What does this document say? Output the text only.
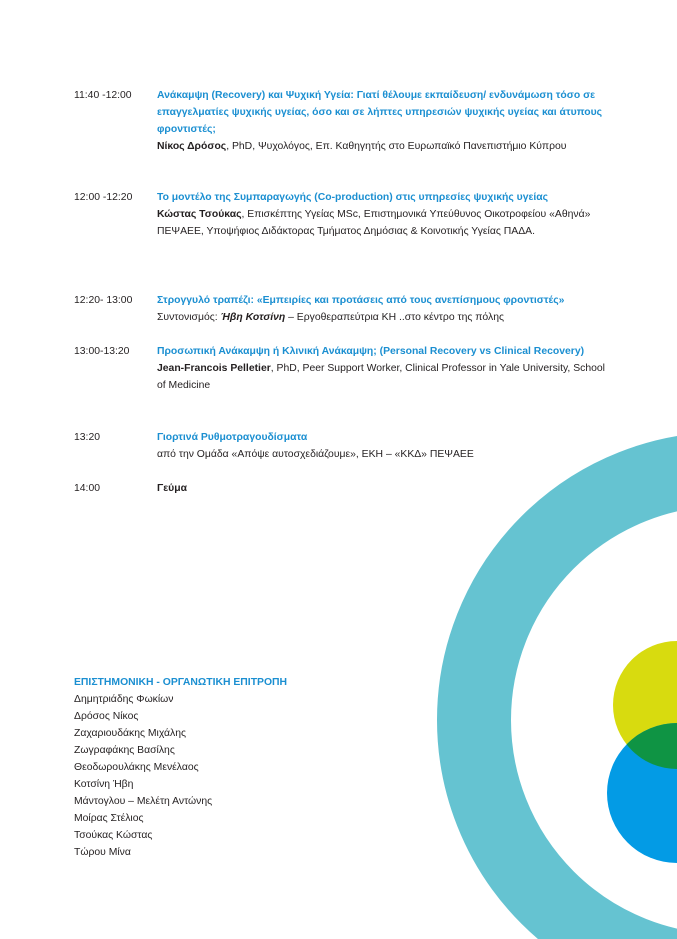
11:40 -12:00	Ανάκαμψη (Recovery) και Ψυχική Υγεία: Γιατί θέλουμε εκπαίδευση/ ενδυνάμωση τόσο σε επαγγελματίες ψυχικής υγείας, όσο και σε λήπτες υπηρεσιών ψυχικής υγείας και άτυπους φροντιστές;
Νίκος Δρόσος, PhD, Ψυχολόγος, Επ. Καθηγητής στο Ευρωπαϊκό Πανεπιστήμιο Κύπρου
12:00 -12:20	Το μοντέλο της Συμπαραγωγής (Co-production) στις υπηρεσίες ψυχικής υγείας
Κώστας Τσούκας, Επισκέπτης Υγείας MSc, Επιστημονικά Υπεύθυνος Οικοτροφείου «Αθηνά» ΠΕΨΑΕΕ, Υποψήφιος Διδάκτορας Τμήματος Δημόσιας & Κοινοτικής Υγείας ΠΑΔΑ.
12:20- 13:00	Στρογγυλό τραπέζι: «Εμπειρίες και προτάσεις από τους ανεπίσημους φροντιστές»
Συντονισμός: Ήβη Κοτσίνη – Εργοθεραπεύτρια ΚΗ ..στο κέντρο της πόλης
13:00-13:20	Προσωπική Ανάκαμψη ή Κλινική Ανάκαμψη; (Personal Recovery vs Clinical Recovery)
Jean-Francois Pelletier, PhD, Peer Support Worker, Clinical Professor in Yale University, School of Medicine
13:20	Γιορτινά Ρυθμοτραγουδίσματα
από την Ομάδα «Απόψε αυτοσχεδιάζουμε», ΕΚΗ – «ΚΚΔ» ΠΕΨΑΕΕ
14:00	Γεύμα
ΕΠΙΣΤΗΜΟΝΙΚΗ - ΟΡΓΑΝΩΤΙΚΗ ΕΠΙΤΡΟΠΗ
Δημητριάδης Φωκίων
Δρόσος Νίκος
Ζαχαριουδάκης Μιχάλης
Ζωγραφάκης Βασίλης
Θεοδωρουλάκης Μενέλαος
Κοτσίνη Ήβη
Μάντογλου – Μελέτη Αντώνης
Μοίρας Στέλιος
Τσούκας Κώστας
Τώρου Μίνα
